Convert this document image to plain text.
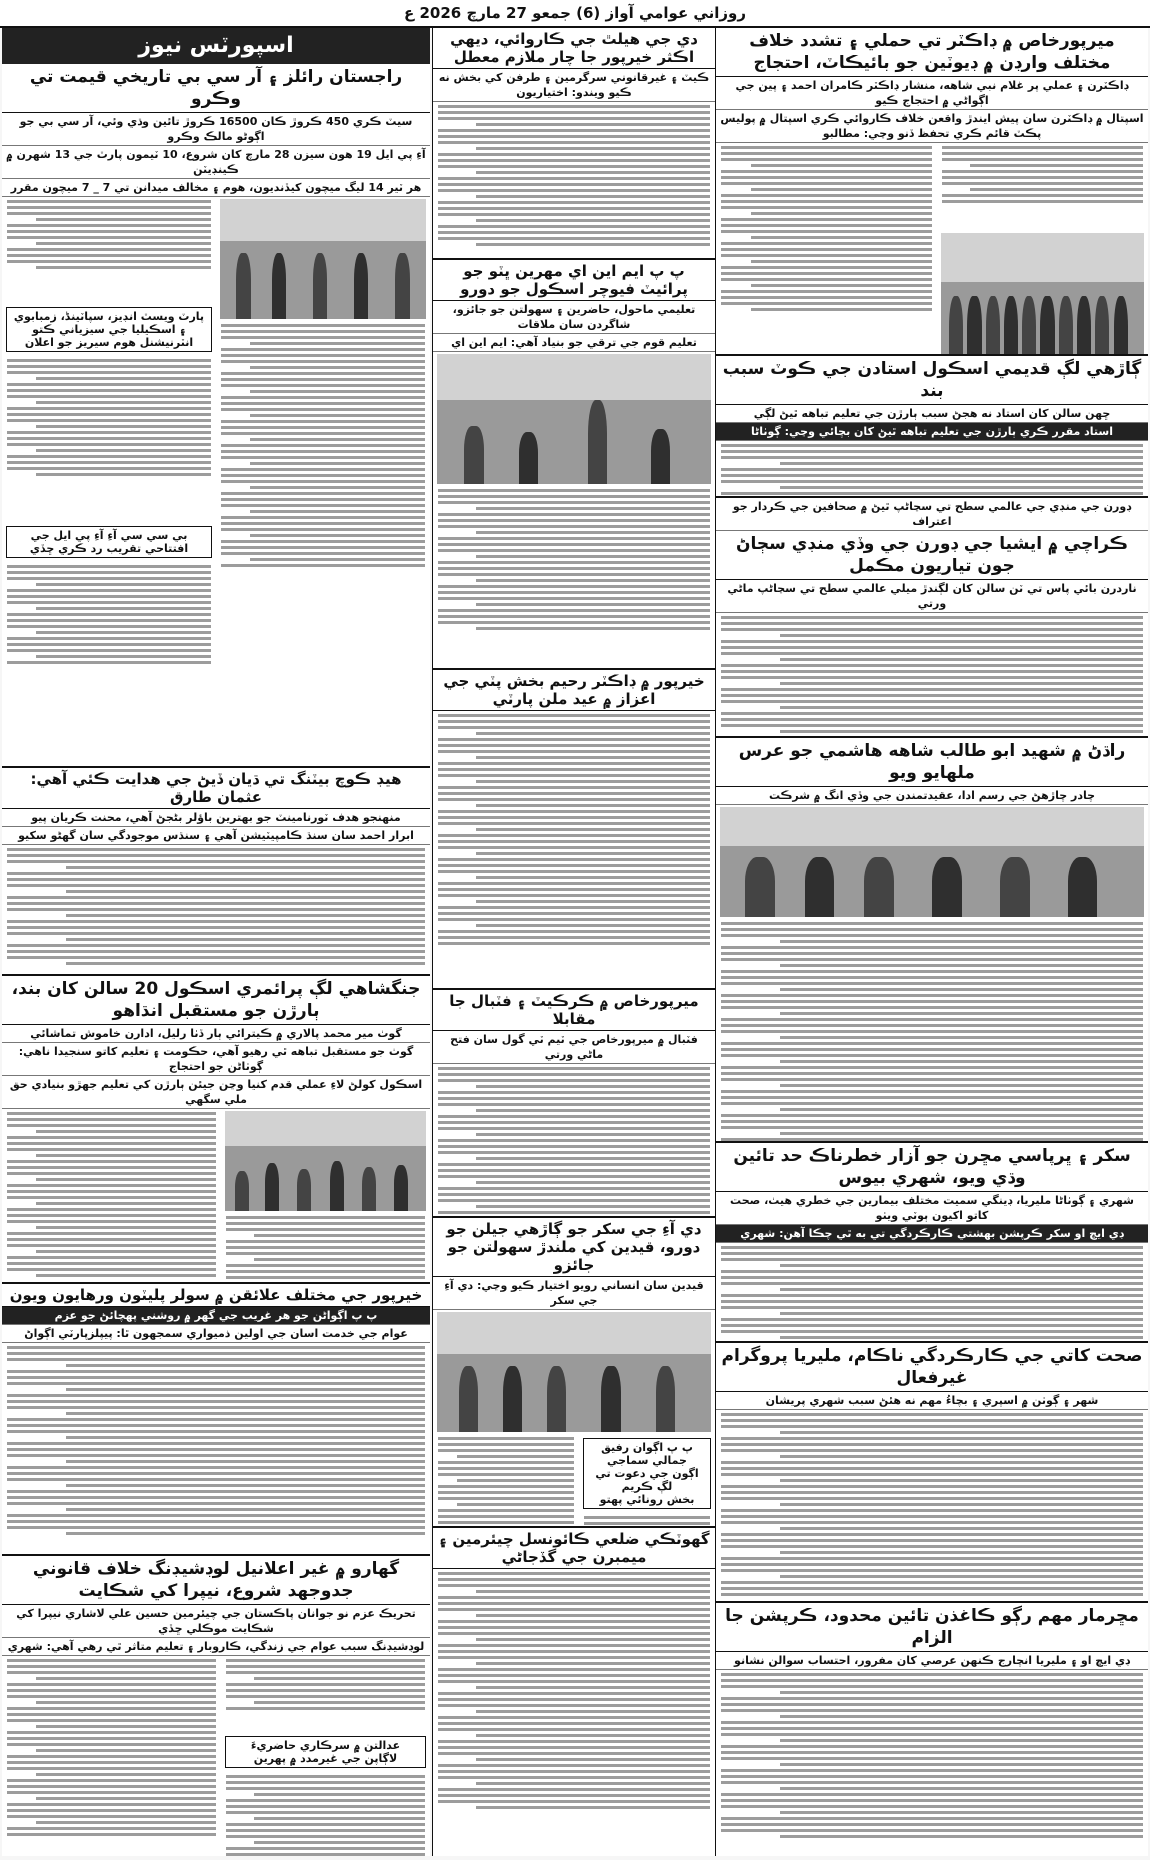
روزاني عوامي آواز (6) جمعو 27 مارچ 2026 ع
ميرپورخاص ۾ ڊاڪٽر تي حملي ۽ تشدد خلاف مختلف وارڊن ۾ ڊيوٽين جو بائيڪاٽ، احتجاج
ڊاڪٽرن ۽ عملي پر غلام نبي شاهه، منشار ڊاڪٽر ڪامران احمد ۽ پين جي اڳواڻي ۾ احتجاج ڪيو
اسپتال ۾ ڊاڪٽرن سان پيش ايندڙ واقعن خلاف ڪاروائي ڪري اسپتال ۾ پوليس پڪٽ قائم ڪري تحفظ ڏنو وڃي: مطالبو
ڳاڙهي لڳ قديمي اسڪول استادن جي ڪوٽ سبب بند
ڇهن سالن کان استاد نه هجڻ سبب ٻارڙن جي تعليم تباهه ٿيڻ لڳي
استاد مقرر ڪري ٻارڙن جي تعليم تباهه ٿيڻ کان بچائي وڃي: ڳوٺاڻا
ڊورن جي منڊي جي عالمي سطح تي سڃاڻپ ٿيڻ ۾ صحافين جي ڪردار جو اعتراف
ڪراچي ۾ ايشيا جي ڊورن جي وڏي منڊي سڄاڻ جون تياريون مڪمل
ناردرن بائي پاس تي ٽن سالن کان لڳندڙ ميلي عالمي سطح تي سڃاڻپ ماڻي ورتي
راڌڻ ۾ شهيد ابو طالب شاهه هاشمي جو عرس ملهايو ويو
چادر چاڙهڻ جي رسم ادا، عقيدتمندن جي وڏي انگ ۾ شرڪت
سکر ۽ ڀرپاسي مڇرن جو آزار خطرناڪ حد تائين وڌي ويو، شهري بيوس
شهري ۽ ڳوٺاڻا مليريا، ڊينگي سميت مختلف بيمارين جي خطري هيٺ، صحت کاتو اکيون ٻوٽي ويٺو
ڊي ايڇ او سکر ڪرپشن بهشتي ڪارڪردگي تي به ٿي چڪا آهن: شهري
صحت کاتي جي ڪارڪردگي ناڪام، مليريا پروگرام غيرفعال
شهر ۽ ڳوٺن ۾ اسپري ۽ بچاءُ مهم نه هئڻ سبب شهري پريشان
مڇرمار مهم رڳو ڪاغذن تائين محدود، ڪرپشن جا الزام
ڊي ايڇ او ۽ مليريا انچارج ڪنهن عرصي کان مفرور، احتساب سوالن نشانو
دي جي هيلٿ جي ڪاروائي، ديهي اڪثر خيرپور جا چار ملازم معطل
ڪيٽ ۽ غيرقانوني سرگرمين ۽ طرفن کي بخش نه ڪيو ويندو: اختياريون
پ پ ايم اين اي مهرين ڀٽو جو پرائيٽ فيوچر اسڪول جو دورو
تعليمي ماحول، حاضرين ۽ سهولتن جو جائزو، شاگردن سان ملاقات
تعليم قوم جي ترقي جو بنياد آهي: ايم اين اي
خيرپور ۾ ڊاڪٽر رحيم بخش پٽي جي اعزاز ۾ عيد ملن پارٽي
ميرپورخاص ۾ ڪرڪيٽ ۽ فٽبال جا مقابلا
فٽبال ۾ ميرپورخاص جي ٽيم ٽي گول سان فتح ماڻي ورتي
دي آءِ جي سکر جو ڳاڙهي جيلن جو دورو، قيدين کي ملندڙ سهولتن جو جائزو
قيدين سان انساني رويو اختيار ڪيو وڃي: دي آءِ جي سکر
پ پ اڳوان رفيق جمالي سماجي
اڳون جي دعوت تي لڳ ڪريم
بخش رونائي پهتو
گهوٽڪي ضلعي ڪائونسل چيئرمين ۽ ميمبرن جي گڏجاڻي
اسپورٽس نيوز
راجستان رائلز ۽ آر سي بي تاريخي قيمت تي وڪرو
سيٽ ڪري 450 ڪروڙ ڪان 16500 ڪروڙ تائين وڌي وئي، آر سي بي جو اڳوڻو مالڪ وڪرو
آءِ پي ايل 19 هون سيزن 28 مارچ کان شروع، 10 ٽيمون پارٽ جي 13 شهرن ۾ ڪينڊيٽن
هر ٽير 14 ليگ ميچون کيڏنديون، هوم ۽ مخالف ميدانن تي 7 _ 7 ميچون مقرر
پارٽ ويسٽ انڊيز، سپاٽينڈ، زمبابوي
۽ اسڪيليا جي سيزياني ڪتو
انٽرنيشنل هوم سيريز جو اعلان
بي سي سي آءِ آءِ پي ايل جي
افتتاحي تقريب رد ڪري ڇڏي
هيڊ ڪوچ بيٽنگ تي ڌيان ڏيڻ جي هدايت ڪئي آهي: عثمان طارق
منهنجو هدف ٽورنامينٽ جو بهترين باؤلر بڻجڻ آهي، محنت ڪريان پيو
ابرار احمد سان سنڌ ڪامپيٽيشن آهي ۽ سنڌس موجودگي سان گهڻو سکيو
جنگشاهي لڳ پرائمري اسڪول 20 سالن کان بند، ٻارڙن جو مستقبل انڌاهو
گوٺ مير محمد پالاري ۾ ڪيترائي ٻار ڏٺا رليل، ادارن خاموش تماشائي
گوٺ جو مستقبل تباهه ٿي رهيو آهي، حڪومت ۽ تعليم کاتو سنجيدا ناهي: ڳوٺاڻن جو احتجاج
اسڪول کولڻ لاءِ عملي قدم کنيا وڃن جيئن ٻارڙن کي تعليم جهڙو بنيادي حق ملي سگهي
خيرپور جي مختلف علائقن ۾ سولر پليٽون ورهايون ويون
پ پ اڳواڻن جو هر غريب جي گهر ۾ روشني پهچائڻ جو عزم
عوام جي خدمت اسان جي اولين ذميواري سمجهون ٿا: پيپلزپارٽي اڳواڻ
گهارو ۾ غير اعلانيل لوڊشيڊنگ خلاف قانوني جدوجهد شروع، نيپرا کي شڪايت
تحريڪ عزم نو جوانان پاڪستان جي چيئرمين حسين علي لاشاري نيپرا کي شڪايت موڪلي ڇڏي
لوڊشيڊنگ سبب عوام جي زندگي، ڪاروبار ۽ تعليم متاثر ٿي رهي آهي: شهري
عدالتن ۾ سرڪاري حاضريءَ
لاڳاپن جي غيرمدد ۾ پهرين
